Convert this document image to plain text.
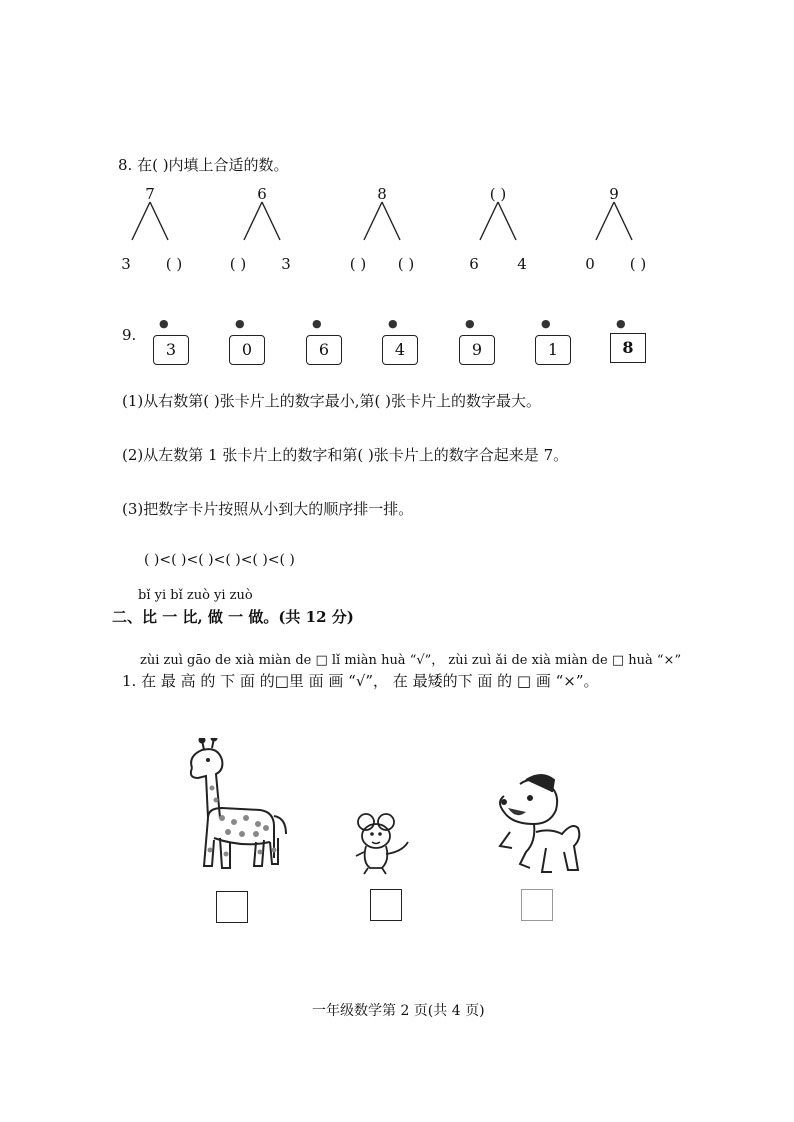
8. 在( )内填上合适的数。
7
3	( )
6
( )	3
8
( )	( )
( )
6	4
9
0	( )
9.
●
3
●
0
●
6
●
4
●
9
●
1
●
8
(1)从右数第( )张卡片上的数字最小,第( )张卡片上的数字最大。
(2)从左数第 1 张卡片上的数字和第( )张卡片上的数字合起来是 7。
(3)把数字卡片按照从小到大的顺序排一排。
( )<( )<( )<( )<( )<( )
bǐ yi bǐ zuò yi zuò
二、比 一 比, 做 一 做。(共 12 分)
zùi zuì gāo de xià miàn de □ lǐ miàn huà “√”， zùi zuì ǎi de xià miàn de □ huà “×”
1. 在 最 高 的 下 面 的□里 面 画 “√”， 在 最矮的下 面 的 □ 画 “×”。
一年级数学第 2 页(共 4 页)
